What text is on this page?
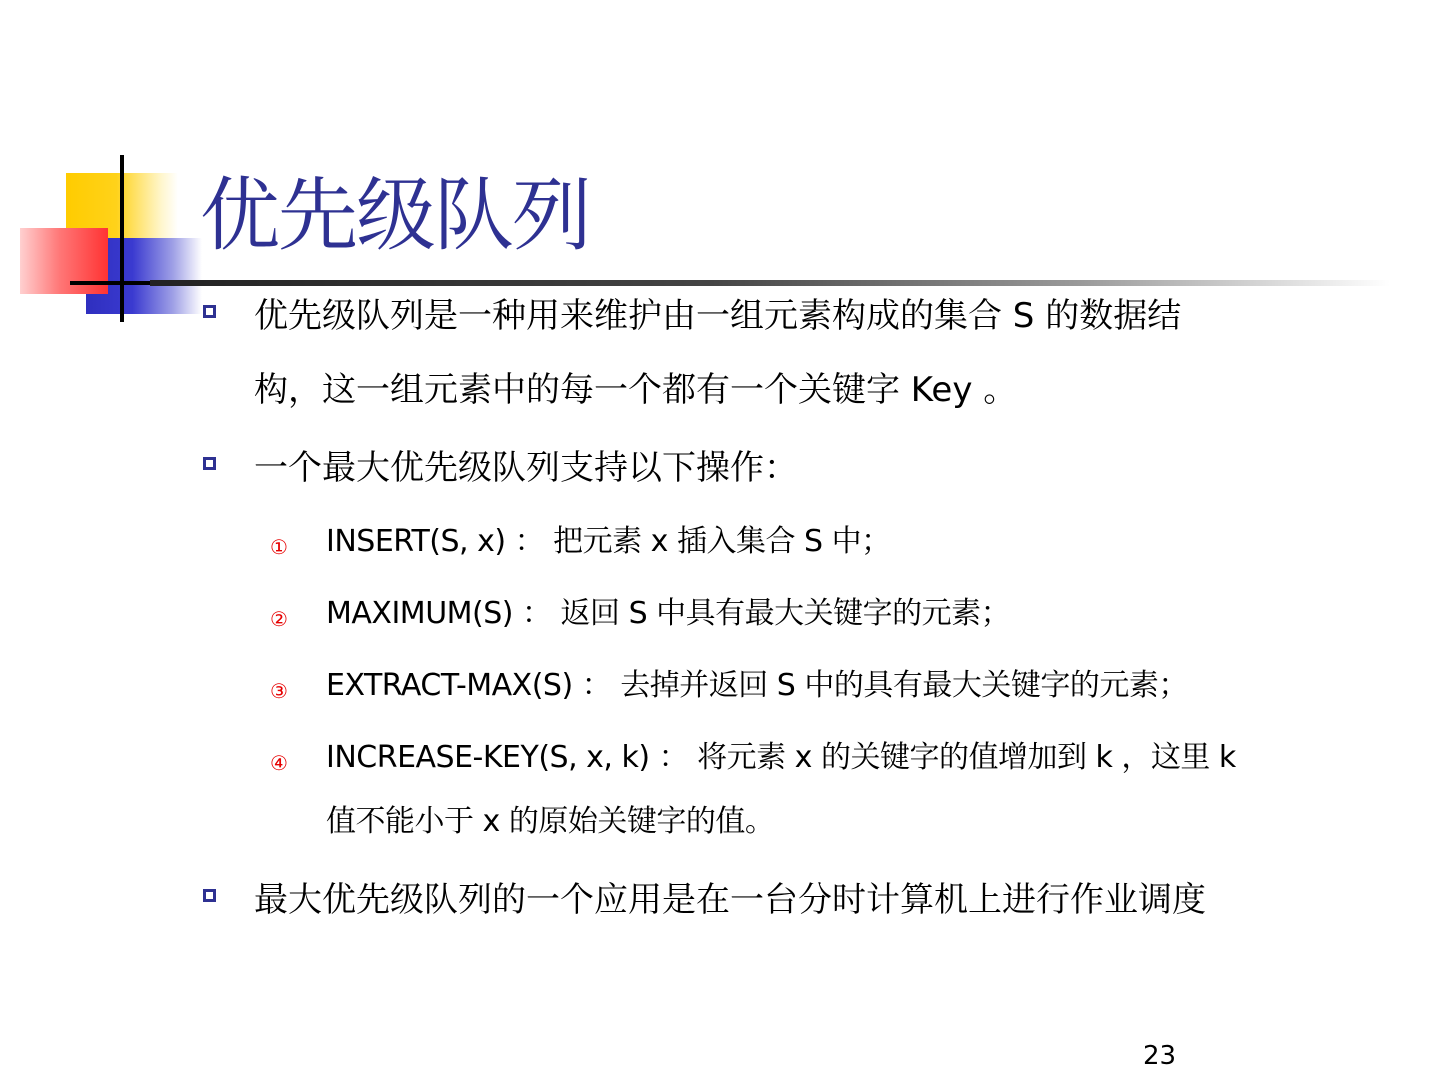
优先级队列
优先级队列是一种用来维护由一组元素构成的集合 S 的数据结
构，这一组元素中的每一个都有一个关键字 Key 。
一个最大优先级队列支持以下操作：
① INSERT(S, x) ： 把元素 x 插入集合 S 中；
② MAXIMUM(S) ： 返回 S 中具有最大关键字的元素；
③ EXTRACT-MAX(S) ： 去掉并返回 S 中的具有最大关键字的元素；
④ INCREASE-KEY(S, x, k) ： 将元素 x 的关键字的值增加到 k ，这里 k
值不能小于 x 的原始关键字的值。
最大优先级队列的一个应用是在一台分时计算机上进行作业调度
23
